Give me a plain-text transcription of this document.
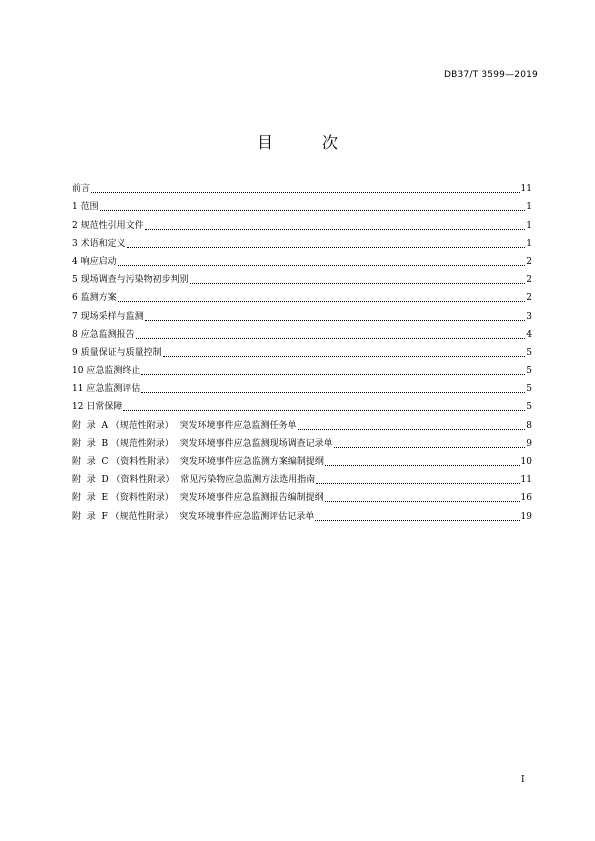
DB37/T 3599—2019
目 次
前言	11
1 范围	1
2 规范性引用文件	1
3 术语和定义	1
4 响应启动	2
5 现场调查与污染物初步判别	2
6 监测方案	2
7 现场采样与监测	3
8 应急监测报告	4
9 质量保证与质量控制	5
10 应急监测终止	5
11 应急监测评估	5
12 日常保障	5
附  录  A （规范性附录）  突发环境事件应急监测任务单	8
附  录  B （规范性附录）  突发环境事件应急监测现场调查记录单	9
附  录  C （资料性附录）  突发环境事件应急监测方案编制提纲	10
附  录  D （资料性附录）  常见污染物应急监测方法选用指南	11
附  录  E （资料性附录）  突发环境事件应急监测报告编制提纲	16
附  录  F （规范性附录）  突发环境事件应急监测评估记录单	19
I
